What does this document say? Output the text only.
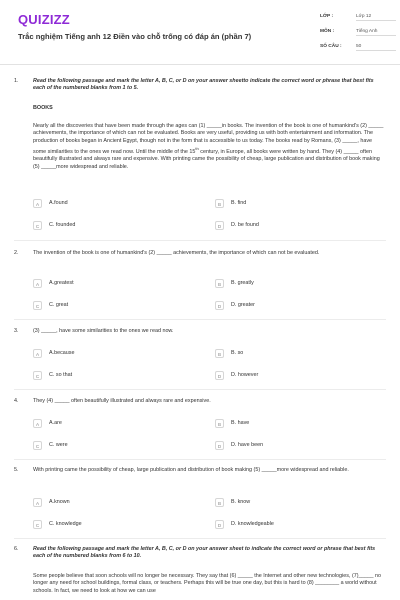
QUIZIZZ
Trắc nghiệm Tiếng anh 12 Điền vào chỗ trống có đáp án (phần 7)
LỚP :	Lớp 12
MÔN :	Tiếng Anh
SỐ CÂU :	50
1.	Read the following passage and mark the letter A, B, C, or D on your answer sheetto indicate the correct word or phrase that best fits each of the numbered blanks from 1 to 5.
BOOKS
Nearly all the discoveries that have been made through the ages can (1) _____in books. The invention of the book is one of humankind's (2) _____ achievements, the importance of which can not be evaluated. Books are very useful, providing us with both entertainment and information. The production of books began in Ancient Egypt, though not in the form that is accessible to us today. The books read by Romans, (3) _____, have some similarities to the ones we read now. Until the middle of the 15th century, in Europe, all books were written by hand. They (4) _____ often beautifully illustrated and always rare and expensive. With printing came the possibility of cheap, large publication and distribution of book making (5) _____more widespread and reliable.
A	A.found	B	B. find
C	C. founded	D	D. be found
2.	The invention of the book is one of humankind's (2) _____ achievements, the importance of which can not be evaluated.
A	A.greatest	B	B. greatly
C	C. great	D	D. greater
3.	(3) _____, have some similarities to the ones we read now.
A	A.because	B	B. so
C	C. so that	D	D. however
4.	They (4) _____ often beautifully illustrated and always rare and expensive.
A	A.are	B	B. have
C	C. were	D	D. have been
5.	With printing came the possibility of cheap, large publication and distribution of book making (5) _____more widespread and reliable.
A	A.known	B	B. know
C	C. knowledge	D	D. knowledgeable
6.	Read the following passage and mark the letter A, B, C, or D on your answer sheet to indicate the correct word or phrase that best fits each of the numbered blanks from 6 to 10.
Some people believe that soon schools will no longer be necessary. They say that (6) _____ the Internet and other new technologies, (7)_____ no longer any need for school buildings, formal class, or teachers. Perhaps this will be true one day, but this is hard to (8) ________ a world without schools. In fact, we need to look at how we can use
